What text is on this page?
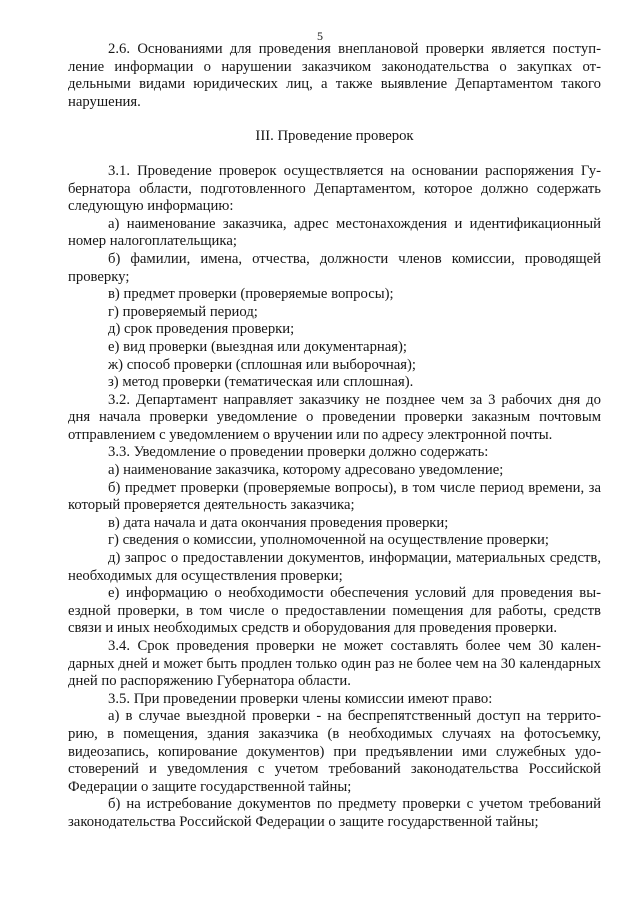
5

2.6. Основаниями для проведения внеплановой проверки является поступление информации о нарушении заказчиком законодательства о закупках отдельными видами юридических лиц, а также выявление Департаментом такого нарушения.

III. Проведение проверок

3.1. Проведение проверок осуществляется на основании распоряжения Губернатора области, подготовленного Департаментом, которое должно содержать следующую информацию:

а) наименование заказчика, адрес местонахождения и идентификационный номер налогоплательщика;

б) фамилии, имена, отчества, должности членов комиссии, проводящей проверку;

в) предмет проверки (проверяемые вопросы);

г) проверяемый период;

д) срок проведения проверки;

е) вид проверки (выездная или документарная);

ж) способ проверки (сплошная или выборочная);

з) метод проверки (тематическая или сплошная).

3.2. Департамент направляет заказчику не позднее чем за 3 рабочих дня до дня начала проверки уведомление о проведении проверки заказным почтовым отправлением с уведомлением о вручении или по адресу электронной почты.

3.3. Уведомление о проведении проверки должно содержать:

а) наименование заказчика, которому адресовано уведомление;

б) предмет проверки (проверяемые вопросы), в том числе период времени, за который проверяется деятельность заказчика;

в) дата начала и дата окончания проведения проверки;

г) сведения о комиссии, уполномоченной на осуществление проверки;

д) запрос о предоставлении документов, информации, материальных средств, необходимых для осуществления проверки;

е) информацию о необходимости обеспечения условий для проведения выездной проверки, в том числе о предоставлении помещения для работы, средств связи и иных необходимых средств и оборудования для проведения проверки.

3.4. Срок проведения проверки не может составлять более чем 30 календарных дней и может быть продлен только один раз не более чем на 30 календарных дней по распоряжению Губернатора области.

3.5. При проведении проверки члены комиссии имеют право:

а) в случае выездной проверки - на беспрепятственный доступ на территорию, в помещения, здания заказчика (в необходимых случаях на фотосъемку, видеозапись, копирование документов) при предъявлении ими служебных удостоверений и уведомления с учетом требований законодательства Российской Федерации о защите государственной тайны;

б) на истребование документов по предмету проверки с учетом требований законодательства Российской Федерации о защите государственной тайны;
